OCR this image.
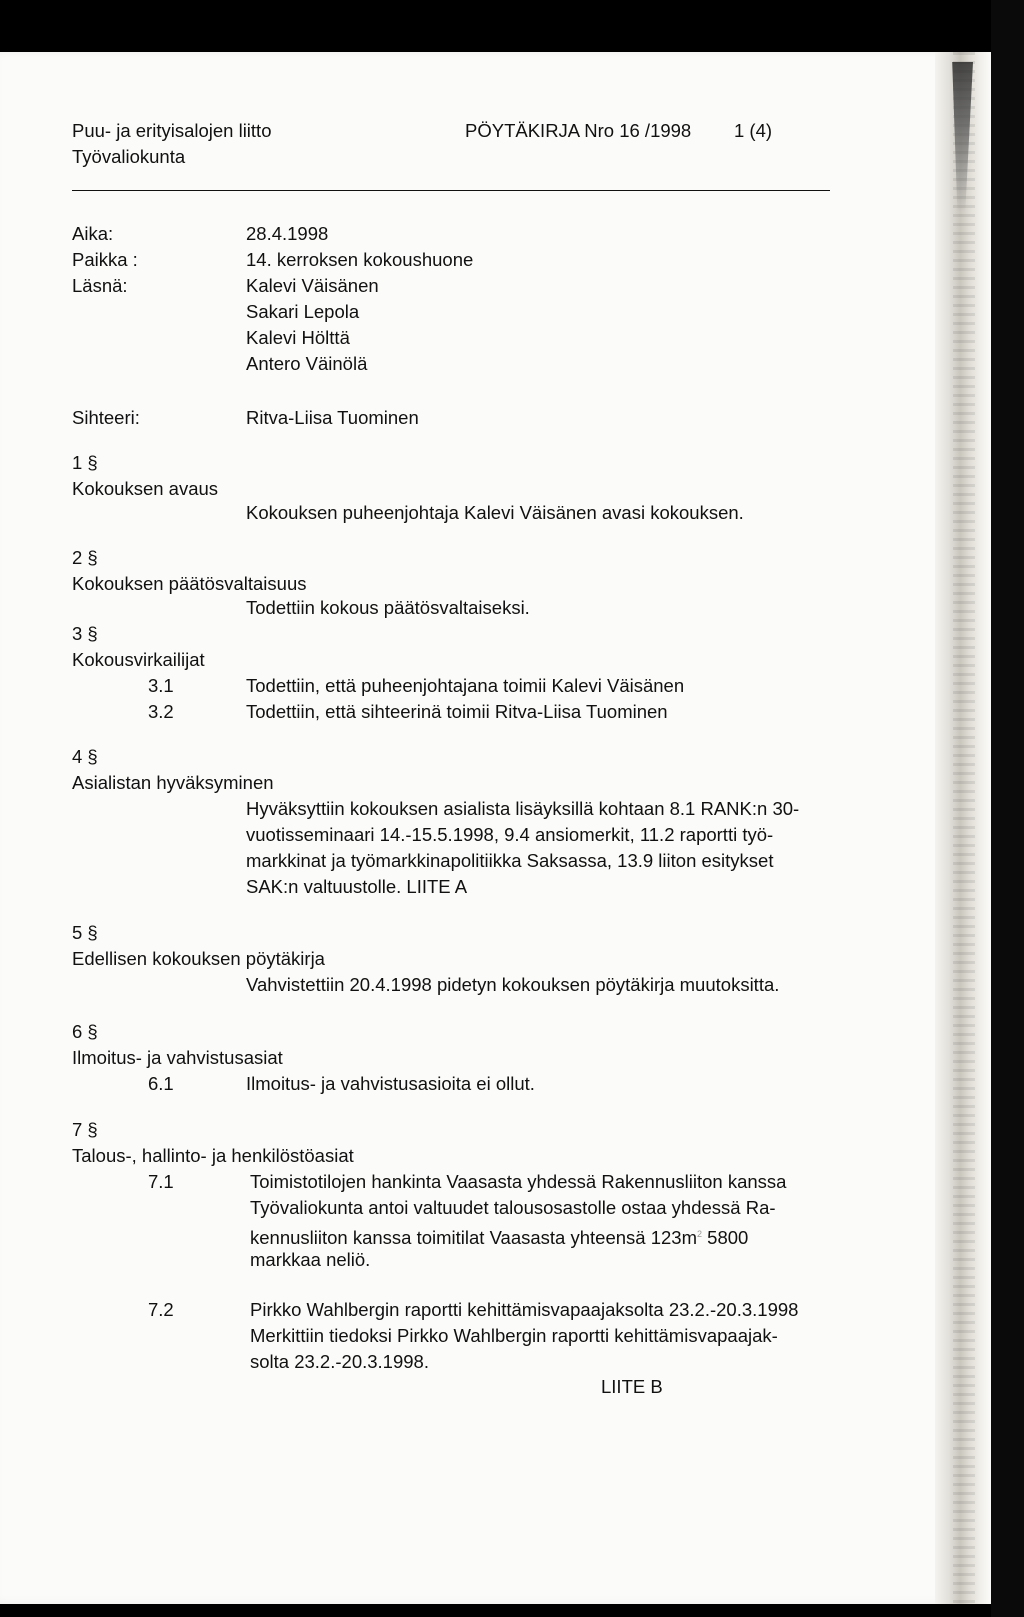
Puu- ja erityisalojen liitto
Työvaliokunta
PÖYTÄKIRJA Nro 16 /1998 1 (4)
Aika:	28.4.1998
Paikka :	14. kerroksen kokoushuone
Läsnä:	Kalevi Väisänen
Sakari Lepola
Kalevi Hölttä
Antero Väinölä
Sihteeri:	Ritva-Liisa Tuominen
1 §
Kokouksen avaus
Kokouksen puheenjohtaja Kalevi Väisänen avasi kokouksen.
2 §
Kokouksen päätösvaltaisuus
Todettiin kokous päätösvaltaiseksi.
3 §
Kokousvirkailijat
3.1	Todettiin, että puheenjohtajana toimii Kalevi Väisänen
3.2	Todettiin, että sihteerinä toimii Ritva-Liisa Tuominen
4 §
Asialistan hyväksyminen
Hyväksyttiin kokouksen asialista lisäyksillä kohtaan 8.1 RANK:n 30-
vuotisseminaari 14.-15.5.1998, 9.4 ansiomerkit, 11.2 raportti työ-
markkinat ja työmarkkinapolitiikka Saksassa, 13.9 liiton esitykset
SAK:n valtuustolle. LIITE A
5 §
Edellisen kokouksen pöytäkirja
Vahvistettiin 20.4.1998 pidetyn kokouksen pöytäkirja muutoksitta.
6 §
Ilmoitus- ja vahvistusasiat
6.1	Ilmoitus- ja vahvistusasioita ei ollut.
7 §
Talous-, hallinto- ja henkilöstöasiat
7.1	Toimistotilojen hankinta Vaasasta yhdessä Rakennusliiton kanssa
Työvaliokunta antoi valtuudet talousosastolle ostaa yhdessä Ra-
kennusliiton kanssa toimitilat Vaasasta yhteensä $123m^2$ 5800
markkaa neliö.
7.2	Pirkko Wahlbergin raportti kehittämisvapaajaksolta 23.2.-20.3.1998
Merkittiin tiedoksi Pirkko Wahlbergin raportti kehittämisvapaajak-
solta 23.2.-20.3.1998.
LIITE B
